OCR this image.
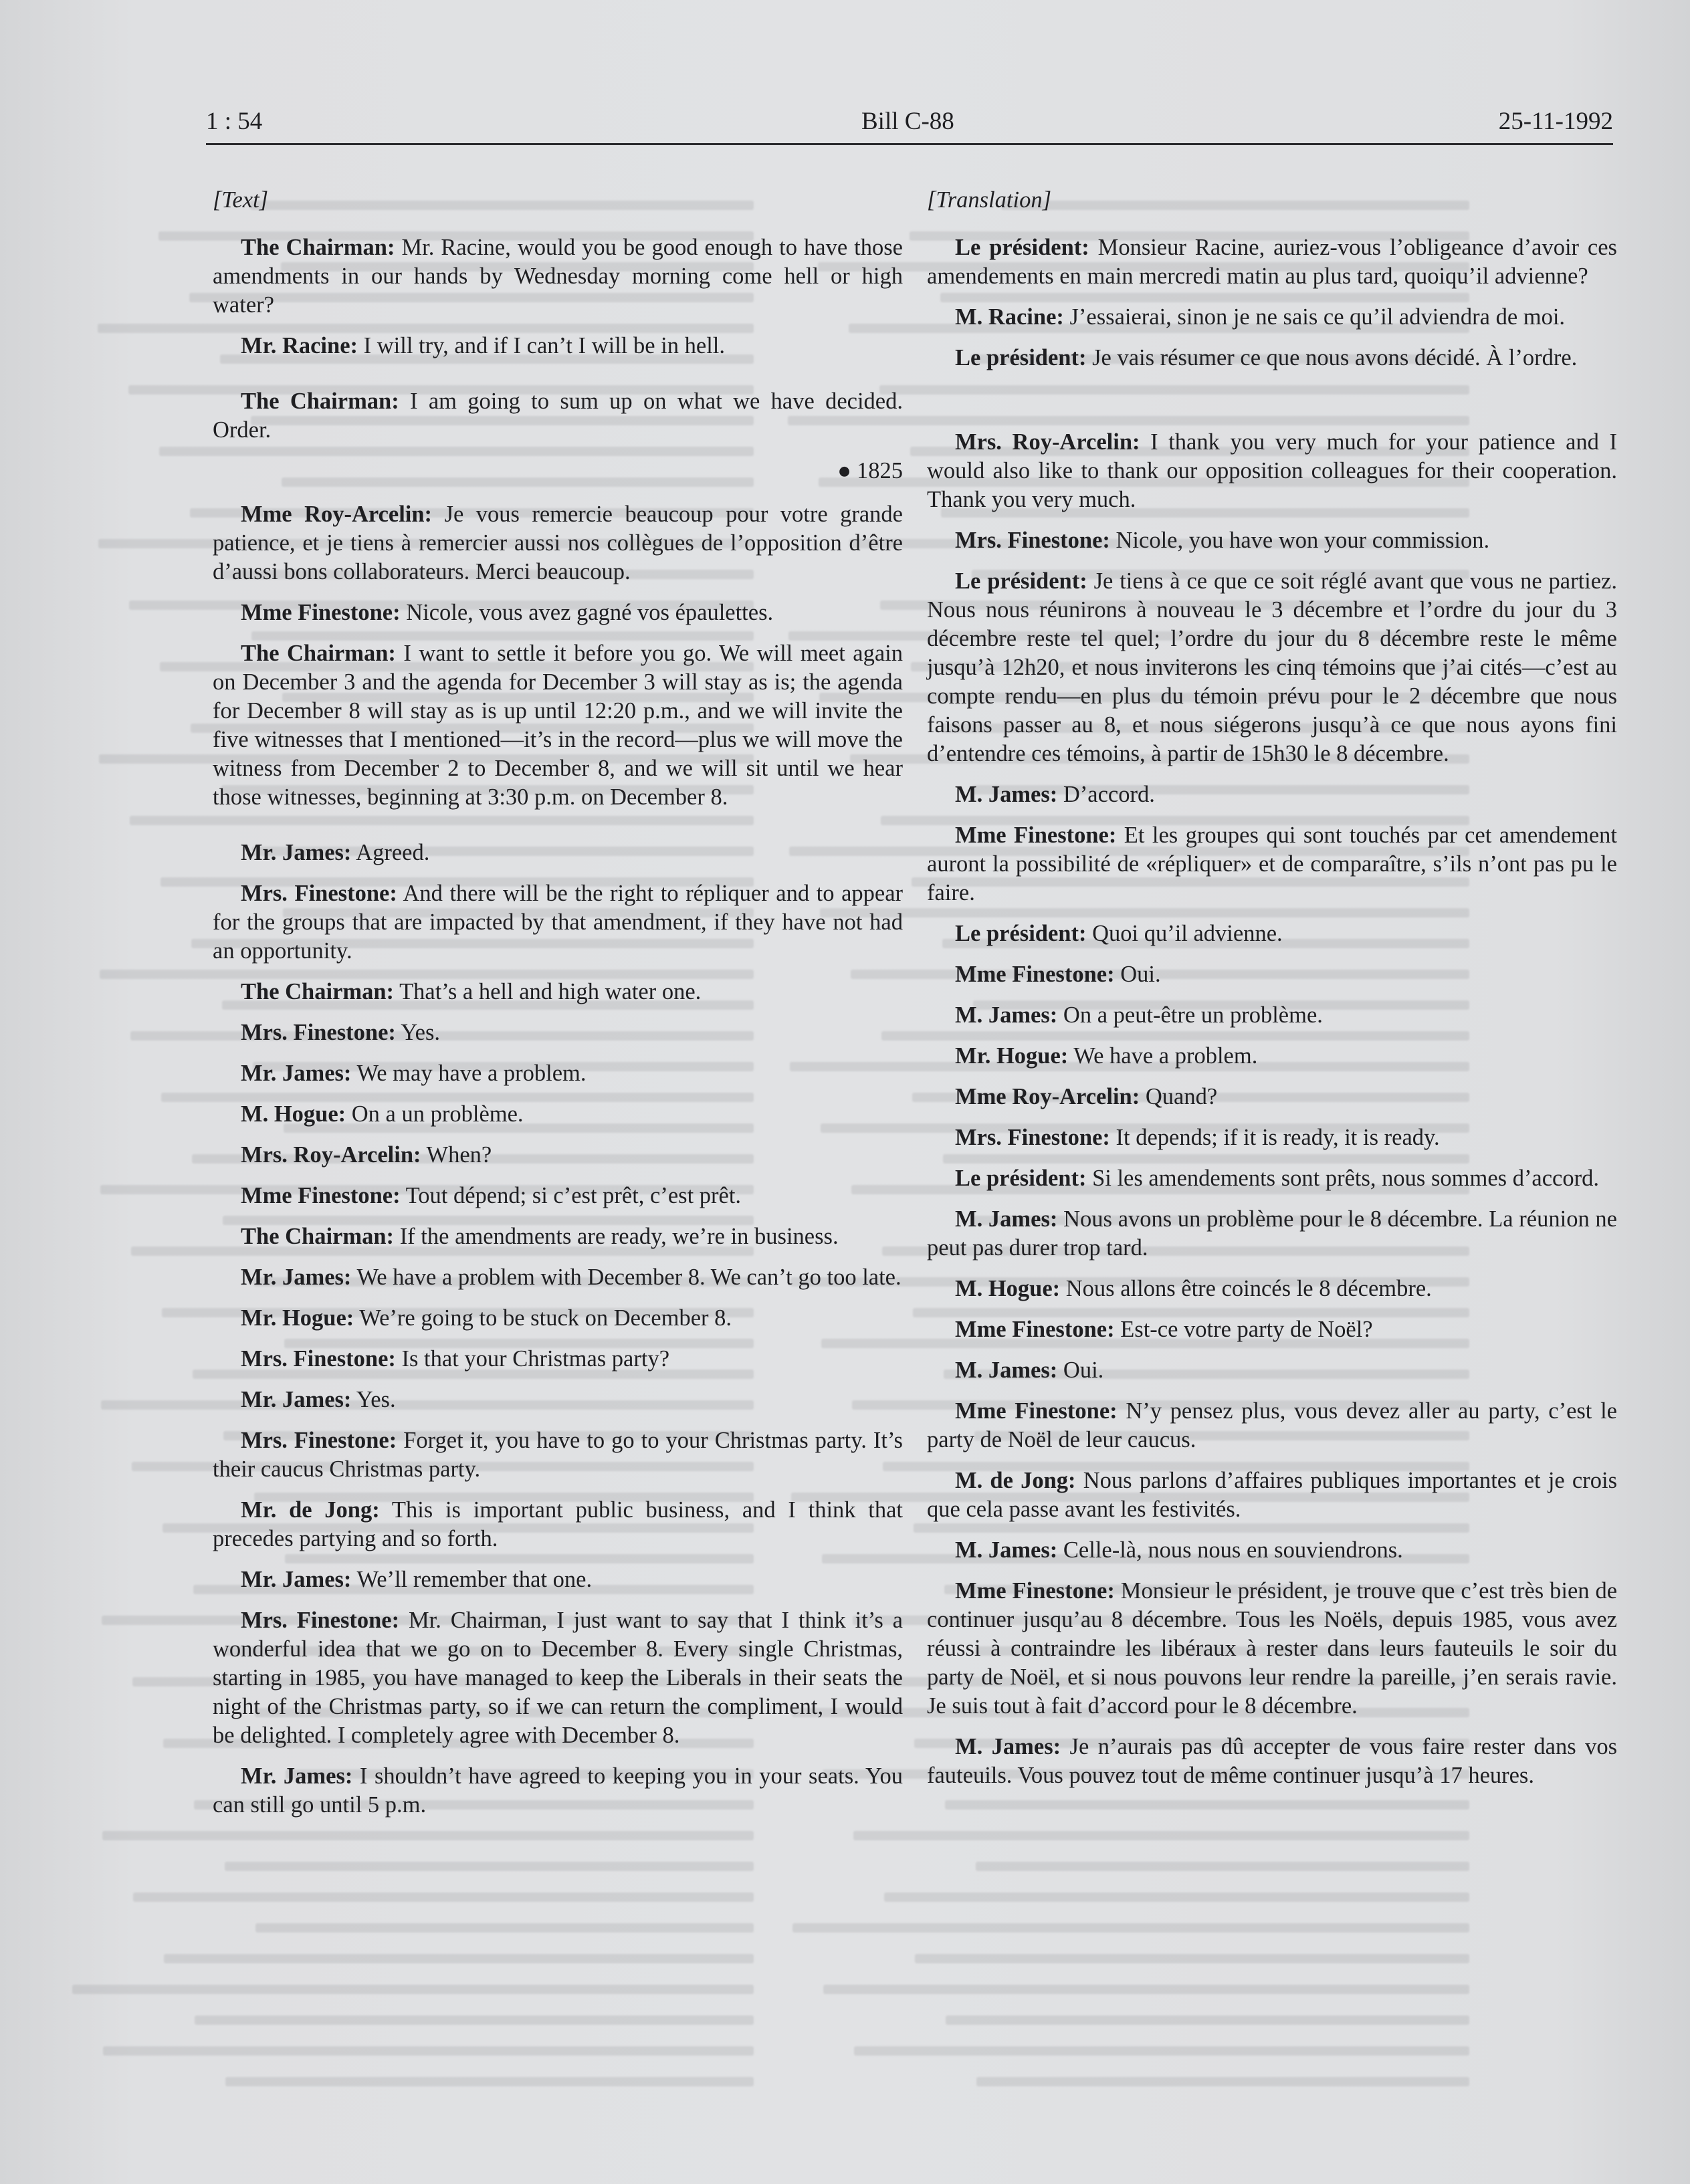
1 : 54	Bill C-88	25-11-1992
[Text]

The Chairman: Mr. Racine, would you be good enough to have those amendments in our hands by Wednesday morning come hell or high water?

Mr. Racine: I will try, and if I can’t I will be in hell.

The Chairman: I am going to sum up on what we have decided. Order.

● 1825

Mme Roy-Arcelin: Je vous remercie beaucoup pour votre grande patience, et je tiens à remercier aussi nos collègues de l’opposition d’être d’aussi bons collaborateurs. Merci beaucoup.

Mme Finestone: Nicole, vous avez gagné vos épaulettes.

The Chairman: I want to settle it before you go. We will meet again on December 3 and the agenda for December 3 will stay as is; the agenda for December 8 will stay as is up until 12:20 p.m., and we will invite the five witnesses that I mentioned—it’s in the record—plus we will move the witness from December 2 to December 8, and we will sit until we hear those witnesses, beginning at 3:30 p.m. on December 8.

Mr. James: Agreed.

Mrs. Finestone: And there will be the right to répliquer and to appear for the groups that are impacted by that amendment, if they have not had an opportunity.

The Chairman: That’s a hell and high water one.

Mrs. Finestone: Yes.

Mr. James: We may have a problem.

M. Hogue: On a un problème.

Mrs. Roy-Arcelin: When?

Mme Finestone: Tout dépend; si c’est prêt, c’est prêt.

The Chairman: If the amendments are ready, we’re in business.

Mr. James: We have a problem with December 8. We can’t go too late.

Mr. Hogue: We’re going to be stuck on December 8.

Mrs. Finestone: Is that your Christmas party?

Mr. James: Yes.

Mrs. Finestone: Forget it, you have to go to your Christmas party. It’s their caucus Christmas party.

Mr. de Jong: This is important public business, and I think that precedes partying and so forth.

Mr. James: We’ll remember that one.

Mrs. Finestone: Mr. Chairman, I just want to say that I think it’s a wonderful idea that we go on to December 8. Every single Christmas, starting in 1985, you have managed to keep the Liberals in their seats the night of the Christmas party, so if we can return the compliment, I would be delighted. I completely agree with December 8.

Mr. James: I shouldn’t have agreed to keeping you in your seats. You can still go until 5 p.m.

[Translation]

Le président: Monsieur Racine, auriez-vous l’obligeance d’avoir ces amendements en main mercredi matin au plus tard, quoiqu’il advienne?

M. Racine: J’essaierai, sinon je ne sais ce qu’il adviendra de moi.

Le président: Je vais résumer ce que nous avons décidé. À l’ordre.

Mrs. Roy-Arcelin: I thank you very much for your patience and I would also like to thank our opposition colleagues for their cooperation. Thank you very much.

Mrs. Finestone: Nicole, you have won your commission.

Le président: Je tiens à ce que ce soit réglé avant que vous ne partiez. Nous nous réunirons à nouveau le 3 décembre et l’ordre du jour du 3 décembre reste tel quel; l’ordre du jour du 8 décembre reste le même jusqu’à 12h20, et nous inviterons les cinq témoins que j’ai cités—c’est au compte rendu—en plus du témoin prévu pour le 2 décembre que nous faisons passer au 8, et nous siégerons jusqu’à ce que nous ayons fini d’entendre ces témoins, à partir de 15h30 le 8 décembre.

M. James: D’accord.

Mme Finestone: Et les groupes qui sont touchés par cet amendement auront la possibilité de «répliquer» et de comparaître, s’ils n’ont pas pu le faire.

Le président: Quoi qu’il advienne.

Mme Finestone: Oui.

M. James: On a peut-être un problème.

Mr. Hogue: We have a problem.

Mme Roy-Arcelin: Quand?

Mrs. Finestone: It depends; if it is ready, it is ready.

Le président: Si les amendements sont prêts, nous sommes d’accord.

M. James: Nous avons un problème pour le 8 décembre. La réunion ne peut pas durer trop tard.

M. Hogue: Nous allons être coincés le 8 décembre.

Mme Finestone: Est-ce votre party de Noël?

M. James: Oui.

Mme Finestone: N’y pensez plus, vous devez aller au party, c’est le party de Noël de leur caucus.

M. de Jong: Nous parlons d’affaires publiques importantes et je crois que cela passe avant les festivités.

M. James: Celle-là, nous nous en souviendrons.

Mme Finestone: Monsieur le président, je trouve que c’est très bien de continuer jusqu’au 8 décembre. Tous les Noëls, depuis 1985, vous avez réussi à contraindre les libéraux à rester dans leurs fauteuils le soir du party de Noël, et si nous pouvons leur rendre la pareille, j’en serais ravie. Je suis tout à fait d’accord pour le 8 décembre.

M. James: Je n’aurais pas dû accepter de vous faire rester dans vos fauteuils. Vous pouvez tout de même continuer jusqu’à 17 heures.
